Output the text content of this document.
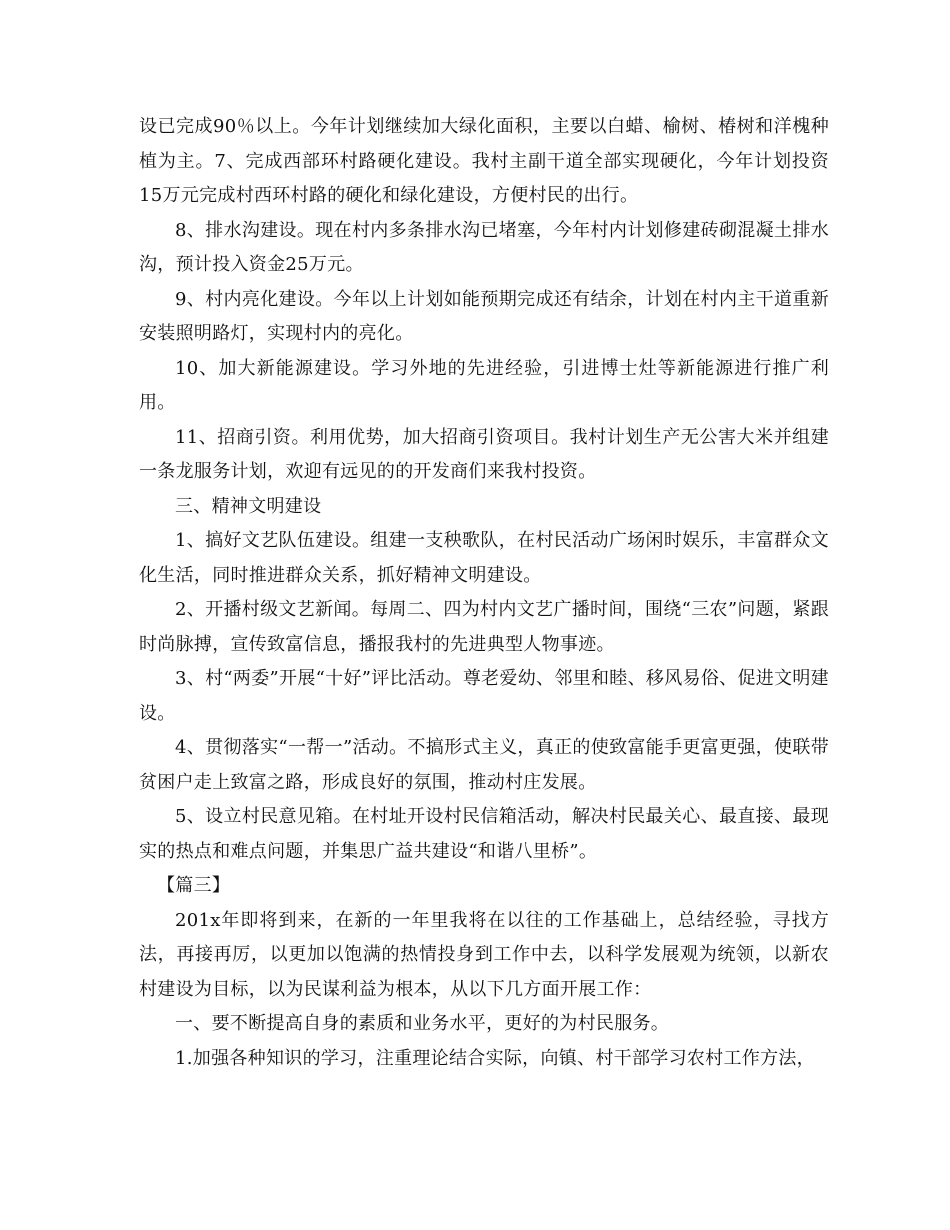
设已完成90％以上。今年计划继续加大绿化面积，主要以白蜡、榆树、椿树和洋槐种植为主。7、完成西部环村路硬化建设。我村主副干道全部实现硬化，今年计划投资15万元完成村西环村路的硬化和绿化建设，方便村民的出行。

8、排水沟建设。现在村内多条排水沟已堵塞，今年村内计划修建砖砌混凝土排水沟，预计投入资金25万元。

9、村内亮化建设。今年以上计划如能预期完成还有结余，计划在村内主干道重新安装照明路灯，实现村内的亮化。

10、加大新能源建设。学习外地的先进经验，引进博士灶等新能源进行推广利用。

11、招商引资。利用优势，加大招商引资项目。我村计划生产无公害大米并组建一条龙服务计划，欢迎有远见的的开发商们来我村投资。

三、精神文明建设

1、搞好文艺队伍建设。组建一支秧歌队，在村民活动广场闲时娱乐，丰富群众文化生活，同时推进群众关系，抓好精神文明建设。

2、开播村级文艺新闻。每周二、四为村内文艺广播时间，围绕“三农”问题，紧跟时尚脉搏，宣传致富信息，播报我村的先进典型人物事迹。

3、村“两委”开展“十好”评比活动。尊老爱幼、邻里和睦、移风易俗、促进文明建设。

4、贯彻落实“一帮一”活动。不搞形式主义，真正的使致富能手更富更强，使联带贫困户走上致富之路，形成良好的氛围，推动村庄发展。

5、设立村民意见箱。在村址开设村民信箱活动，解决村民最关心、最直接、最现实的热点和难点问题，并集思广益共建设“和谐八里桥”。

【篇三】

201x年即将到来，在新的一年里我将在以往的工作基础上，总结经验，寻找方法，再接再厉，以更加以饱满的热情投身到工作中去，以科学发展观为统领，以新农村建设为目标，以为民谋利益为根本，从以下几方面开展工作：

一、要不断提高自身的素质和业务水平，更好的为村民服务。

1.加强各种知识的学习，注重理论结合实际，向镇、村干部学习农村工作方法，
